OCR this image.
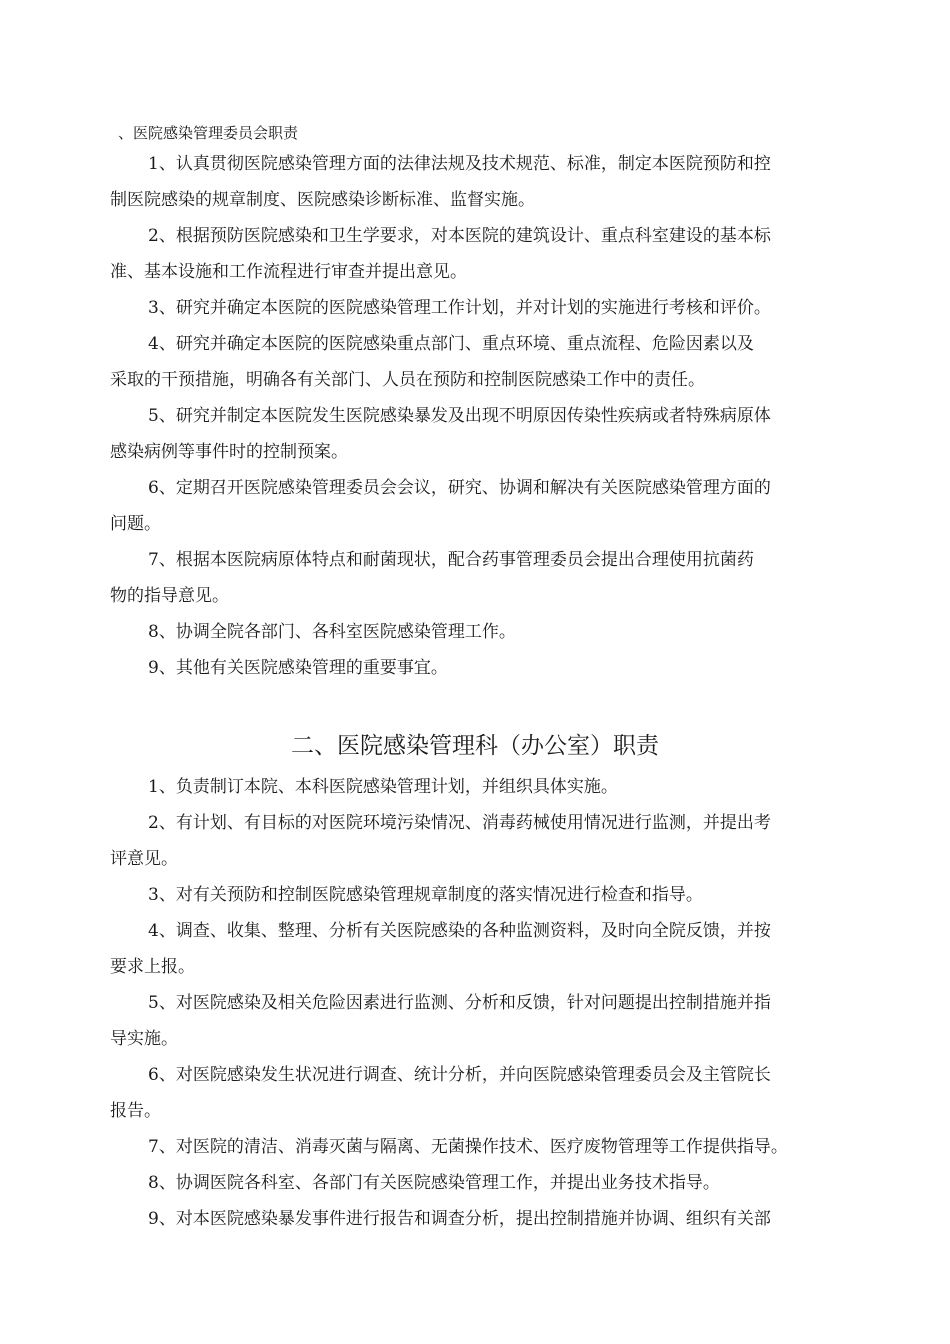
、医院感染管理委员会职责

1、认真贯彻医院感染管理方面的法律法规及技术规范、标准，制定本医院预防和控
制医院感染的规章制度、医院感染诊断标准、监督实施。

2、根据预防医院感染和卫生学要求，对本医院的建筑设计、重点科室建设的基本标
准、基本设施和工作流程进行审查并提出意见。

3、研究并确定本医院的医院感染管理工作计划，并对计划的实施进行考核和评价。

4、研究并确定本医院的医院感染重点部门、重点环境、重点流程、危险因素以及
采取的干预措施，明确各有关部门、人员在预防和控制医院感染工作中的责任。

5、研究并制定本医院发生医院感染暴发及出现不明原因传染性疾病或者特殊病原体
感染病例等事件时的控制预案。

6、定期召开医院感染管理委员会会议，研究、协调和解决有关医院感染管理方面的
问题。

7、根据本医院病原体特点和耐菌现状，配合药事管理委员会提出合理使用抗菌药
物的指导意见。

8、协调全院各部门、各科室医院感染管理工作。

9、其他有关医院感染管理的重要事宜。

二、医院感染管理科（办公室）职责

1、负责制订本院、本科医院感染管理计划，并组织具体实施。

2、有计划、有目标的对医院环境污染情况、消毒药械使用情况进行监测，并提出考
评意见。

3、对有关预防和控制医院感染管理规章制度的落实情况进行检查和指导。

4、调查、收集、整理、分析有关医院感染的各种监测资料，及时向全院反馈，并按
要求上报。

5、对医院感染及相关危险因素进行监测、分析和反馈，针对问题提出控制措施并指
导实施。

6、对医院感染发生状况进行调查、统计分析，并向医院感染管理委员会及主管院长
报告。

7、对医院的清洁、消毒灭菌与隔离、无菌操作技术、医疗废物管理等工作提供指导。

8、协调医院各科室、各部门有关医院感染管理工作，并提出业务技术指导。

9、对本医院感染暴发事件进行报告和调查分析，提出控制措施并协调、组织有关部
